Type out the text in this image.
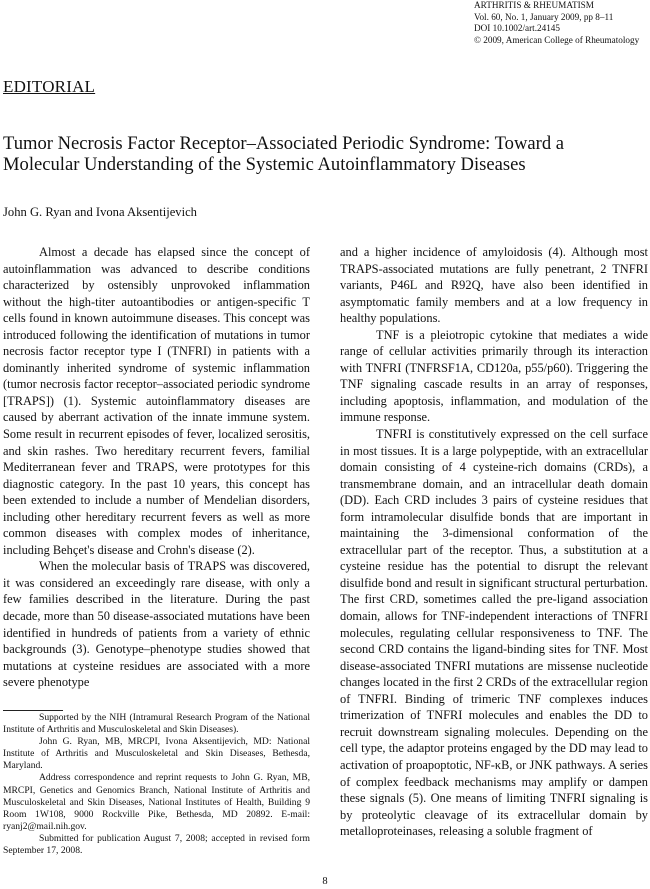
ARTHRITIS & RHEUMATISM
Vol. 60, No. 1, January 2009, pp 8–11
DOI 10.1002/art.24145
© 2009, American College of Rheumatology
EDITORIAL
Tumor Necrosis Factor Receptor–Associated Periodic Syndrome: Toward a Molecular Understanding of the Systemic Autoinflammatory Diseases
John G. Ryan and Ivona Aksentijevich

Almost a decade has elapsed since the concept of autoinflammation was advanced to describe conditions characterized by ostensibly unprovoked inflammation without the high-titer autoantibodies or antigen-specific T cells found in known autoimmune diseases. This concept was introduced following the identification of mutations in tumor necrosis factor receptor type I (TNFRI) in patients with a dominantly inherited syndrome of systemic inflammation (tumor necrosis factor receptor–associated periodic syndrome [TRAPS]) (1). Systemic autoinflammatory diseases are caused by aberrant activation of the innate immune system. Some result in recurrent episodes of fever, localized serositis, and skin rashes. Two hereditary recurrent fevers, familial Mediterranean fever and TRAPS, were prototypes for this diagnostic category. In the past 10 years, this concept has been extended to include a number of Mendelian disorders, including other hereditary recurrent fevers as well as more common diseases with complex modes of inheritance, including Behçet's disease and Crohn's disease (2).

When the molecular basis of TRAPS was discovered, it was considered an exceedingly rare disease, with only a few families described in the literature. During the past decade, more than 50 disease-associated mutations have been identified in hundreds of patients from a variety of ethnic backgrounds (3). Genotype–phenotype studies showed that mutations at cysteine residues are associated with a more severe phenotype

Supported by the NIH (Intramural Research Program of the National Institute of Arthritis and Musculoskeletal and Skin Diseases).

John G. Ryan, MB, MRCPI, Ivona Aksentijevich, MD: National Institute of Arthritis and Musculoskeletal and Skin Diseases, Bethesda, Maryland.

Address correspondence and reprint requests to John G. Ryan, MB, MRCPI, Genetics and Genomics Branch, National Institute of Arthritis and Musculoskeletal and Skin Diseases, National Institutes of Health, Building 9 Room 1W108, 9000 Rockville Pike, Bethesda, MD 20892. E-mail: ryanj2@mail.nih.gov.

Submitted for publication August 7, 2008; accepted in revised form September 17, 2008.

and a higher incidence of amyloidosis (4). Although most TRAPS-associated mutations are fully penetrant, 2 TNFRI variants, P46L and R92Q, have also been identified in asymptomatic family members and at a low frequency in healthy populations.

TNF is a pleiotropic cytokine that mediates a wide range of cellular activities primarily through its interaction with TNFRI (TNFRSF1A, CD120a, p55/p60). Triggering the TNF signaling cascade results in an array of responses, including apoptosis, inflammation, and modulation of the immune response.

TNFRI is constitutively expressed on the cell surface in most tissues. It is a large polypeptide, with an extracellular domain consisting of 4 cysteine-rich domains (CRDs), a transmembrane domain, and an intracellular death domain (DD). Each CRD includes 3 pairs of cysteine residues that form intramolecular disulfide bonds that are important in maintaining the 3-dimensional conformation of the extracellular part of the receptor. Thus, a substitution at a cysteine residue has the potential to disrupt the relevant disulfide bond and result in significant structural perturbation. The first CRD, sometimes called the pre-ligand association domain, allows for TNF-independent interactions of TNFRI molecules, regulating cellular responsiveness to TNF. The second CRD contains the ligand-binding sites for TNF. Most disease-associated TNFRI mutations are missense nucleotide changes located in the first 2 CRDs of the extracellular region of TNFRI. Binding of trimeric TNF complexes induces trimerization of TNFRI molecules and enables the DD to recruit downstream signaling molecules. Depending on the cell type, the adaptor proteins engaged by the DD may lead to activation of proapoptotic, NF-κB, or JNK pathways. A series of complex feedback mechanisms may amplify or dampen these signals (5). One means of limiting TNFRI signaling is by proteolytic cleavage of its extracellular domain by metalloproteinases, releasing a soluble fragment of

8
